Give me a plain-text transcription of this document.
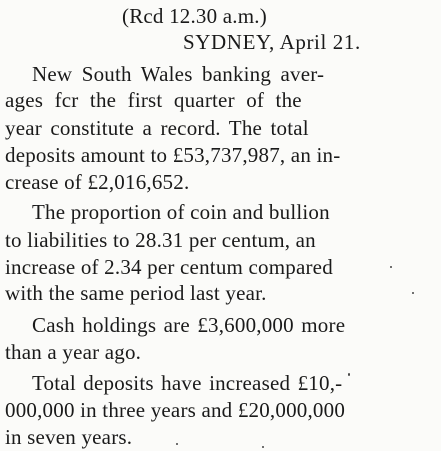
(Rcd 12.30 a.m.)
SYDNEY, April 21.
New South Wales banking aver-
ages fcr the first quarter of the
year constitute a record. The total
deposits amount to £53,737,987, an in-
crease of £2,016,652.
The proportion of coin and bullion
to liabilities to 28.31 per centum, an
increase of 2.34 per centum compared
with the same period last year.
Cash holdings are £3,600,000 more
than a year ago.
Total deposits have increased £10,-
000,000 in three years and £20,000,000
in seven years.
